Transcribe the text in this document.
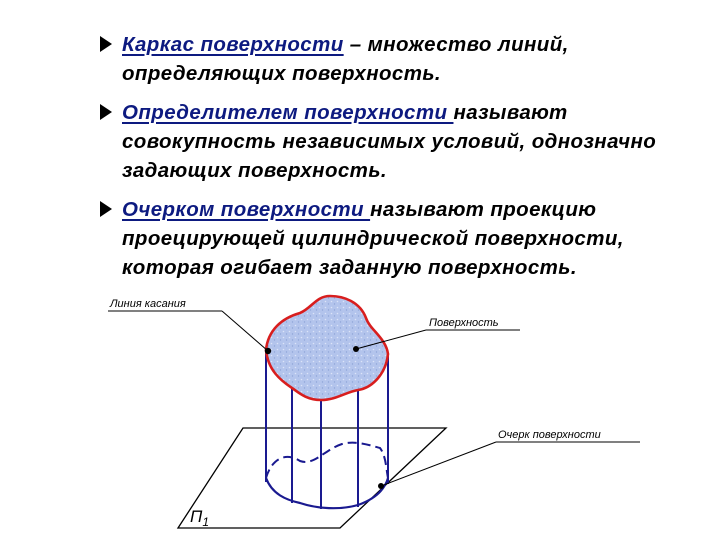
Каркас поверхности – множество линий, определяющих поверхность.

Определителем поверхности называют совокупность независимых условий, однозначно задающих поверхность.

Очерком поверхности называют проекцию проецирующей цилиндрической поверхности, которая огибает заданную поверхность.

Линия касания
Поверхность
Очерк поверхности
$П_1$
